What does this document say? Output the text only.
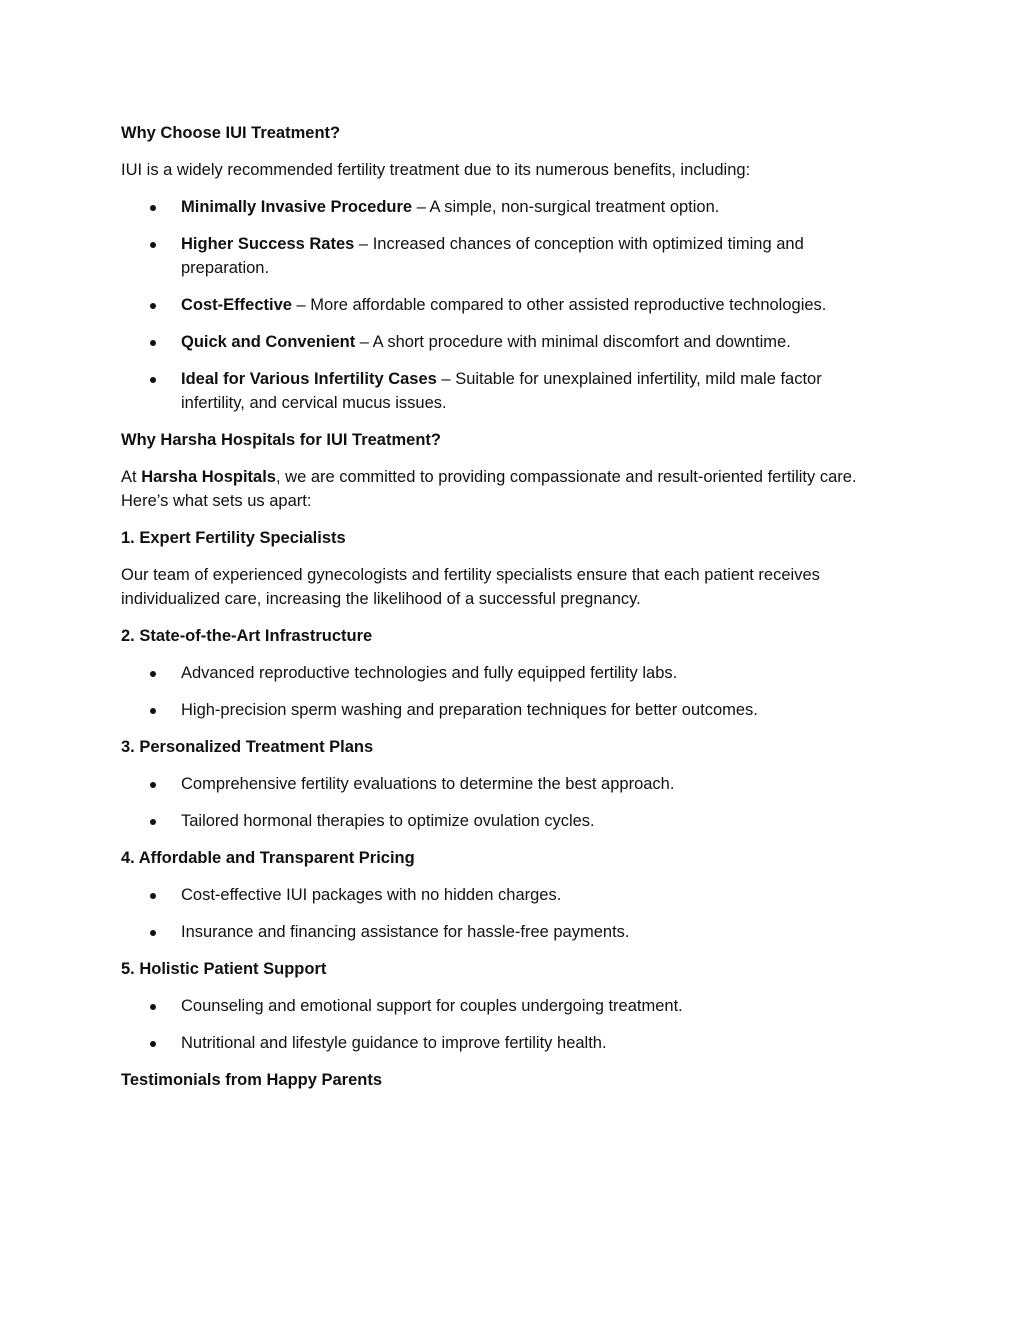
Why Choose IUI Treatment?
IUI is a widely recommended fertility treatment due to its numerous benefits, including:
Minimally Invasive Procedure – A simple, non-surgical treatment option.
Higher Success Rates – Increased chances of conception with optimized timing and preparation.
Cost-Effective – More affordable compared to other assisted reproductive technologies.
Quick and Convenient – A short procedure with minimal discomfort and downtime.
Ideal for Various Infertility Cases – Suitable for unexplained infertility, mild male factor infertility, and cervical mucus issues.
Why Harsha Hospitals for IUI Treatment?
At Harsha Hospitals, we are committed to providing compassionate and result-oriented fertility care. Here’s what sets us apart:
1. Expert Fertility Specialists
Our team of experienced gynecologists and fertility specialists ensure that each patient receives individualized care, increasing the likelihood of a successful pregnancy.
2. State-of-the-Art Infrastructure
Advanced reproductive technologies and fully equipped fertility labs.
High-precision sperm washing and preparation techniques for better outcomes.
3. Personalized Treatment Plans
Comprehensive fertility evaluations to determine the best approach.
Tailored hormonal therapies to optimize ovulation cycles.
4. Affordable and Transparent Pricing
Cost-effective IUI packages with no hidden charges.
Insurance and financing assistance for hassle-free payments.
5. Holistic Patient Support
Counseling and emotional support for couples undergoing treatment.
Nutritional and lifestyle guidance to improve fertility health.
Testimonials from Happy Parents
